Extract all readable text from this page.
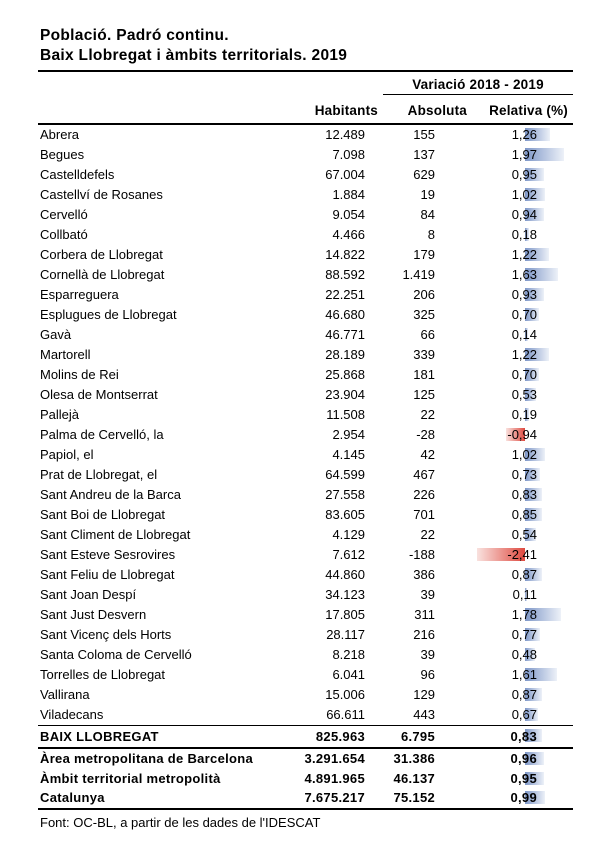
Població. Padró continu.
Baix Llobregat i àmbits territorials. 2019
Variació 2018 - 2019
Habitants	Absoluta	Relativa (%)
Abrera	12.489	155	1,26
Begues	7.098	137	1,97
Castelldefels	67.004	629	0,95
Castellví de Rosanes	1.884	19	1,02
Cervelló	9.054	84	0,94
Collbató	4.466	8	0,18
Corbera de Llobregat	14.822	179	1,22
Cornellà de Llobregat	88.592	1.419	1,63
Esparreguera	22.251	206	0,93
Esplugues de Llobregat	46.680	325	0,70
Gavà	46.771	66	0,14
Martorell	28.189	339	1,22
Molins de Rei	25.868	181	0,70
Olesa de Montserrat	23.904	125	0,53
Pallejà	11.508	22	0,19
Palma de Cervelló, la	2.954	-28	-0,94
Papiol, el	4.145	42	1,02
Prat de Llobregat, el	64.599	467	0,73
Sant Andreu de la Barca	27.558	226	0,83
Sant Boi de Llobregat	83.605	701	0,85
Sant Climent de Llobregat	4.129	22	0,54
Sant Esteve Sesrovires	7.612	-188	-2,41
Sant Feliu de Llobregat	44.860	386	0,87
Sant Joan Despí	34.123	39	0,11
Sant Just Desvern	17.805	311	1,78
Sant Vicenç dels Horts	28.117	216	0,77
Santa Coloma de Cervelló	8.218	39	0,48
Torrelles de Llobregat	6.041	96	1,61
Vallirana	15.006	129	0,87
Viladecans	66.611	443	0,67
BAIX LLOBREGAT	825.963	6.795	0,83
Àrea metropolitana de Barcelona	3.291.654	31.386	0,96
Àmbit territorial metropolità	4.891.965	46.137	0,95
Catalunya	7.675.217	75.152	0,99
Font: OC-BL, a partir de les dades de l'IDESCAT
